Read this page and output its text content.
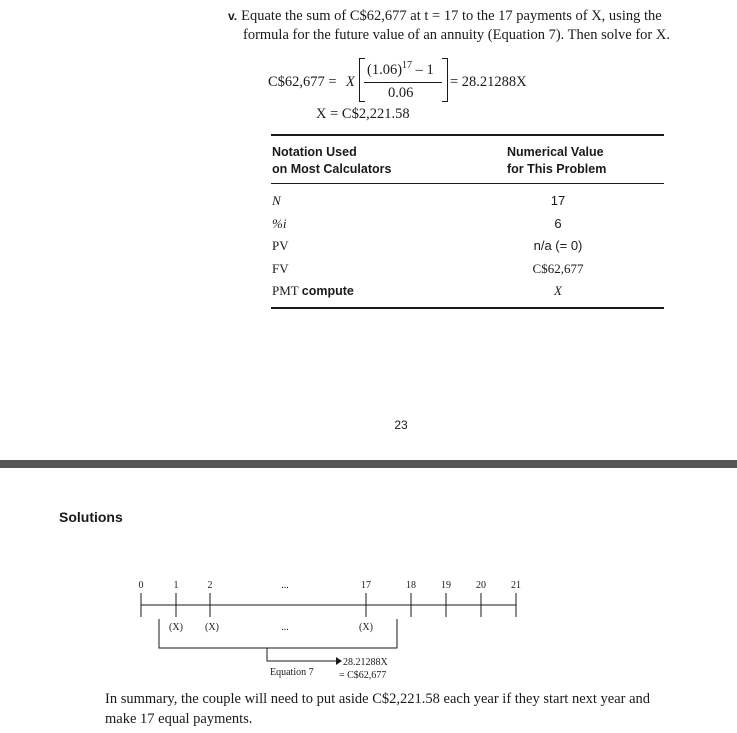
v. Equate the sum of C$62,677 at t = 17 to the 17 payments of X, using the
formula for the future value of an annuity (Equation 7). Then solve for X.
C$62,677 = X
$(1.06)^{17} - 1$
0.06
= 28.21288X
X = C$2,221.58
Notation Used
on Most Calculators
Numerical Value
for This Problem
N	17
%i	6
PV	n/a (= 0)
FV	C$62,677
PMT compute	X
23
Solutions
0	1	2	...	17	18	19	20	21
(X) (X)	...	(X)
Equation 7
28.21288X
= C$62,677
In summary, the couple will need to put aside C$2,221.58 each year if they start next year and make 17 equal payments.
